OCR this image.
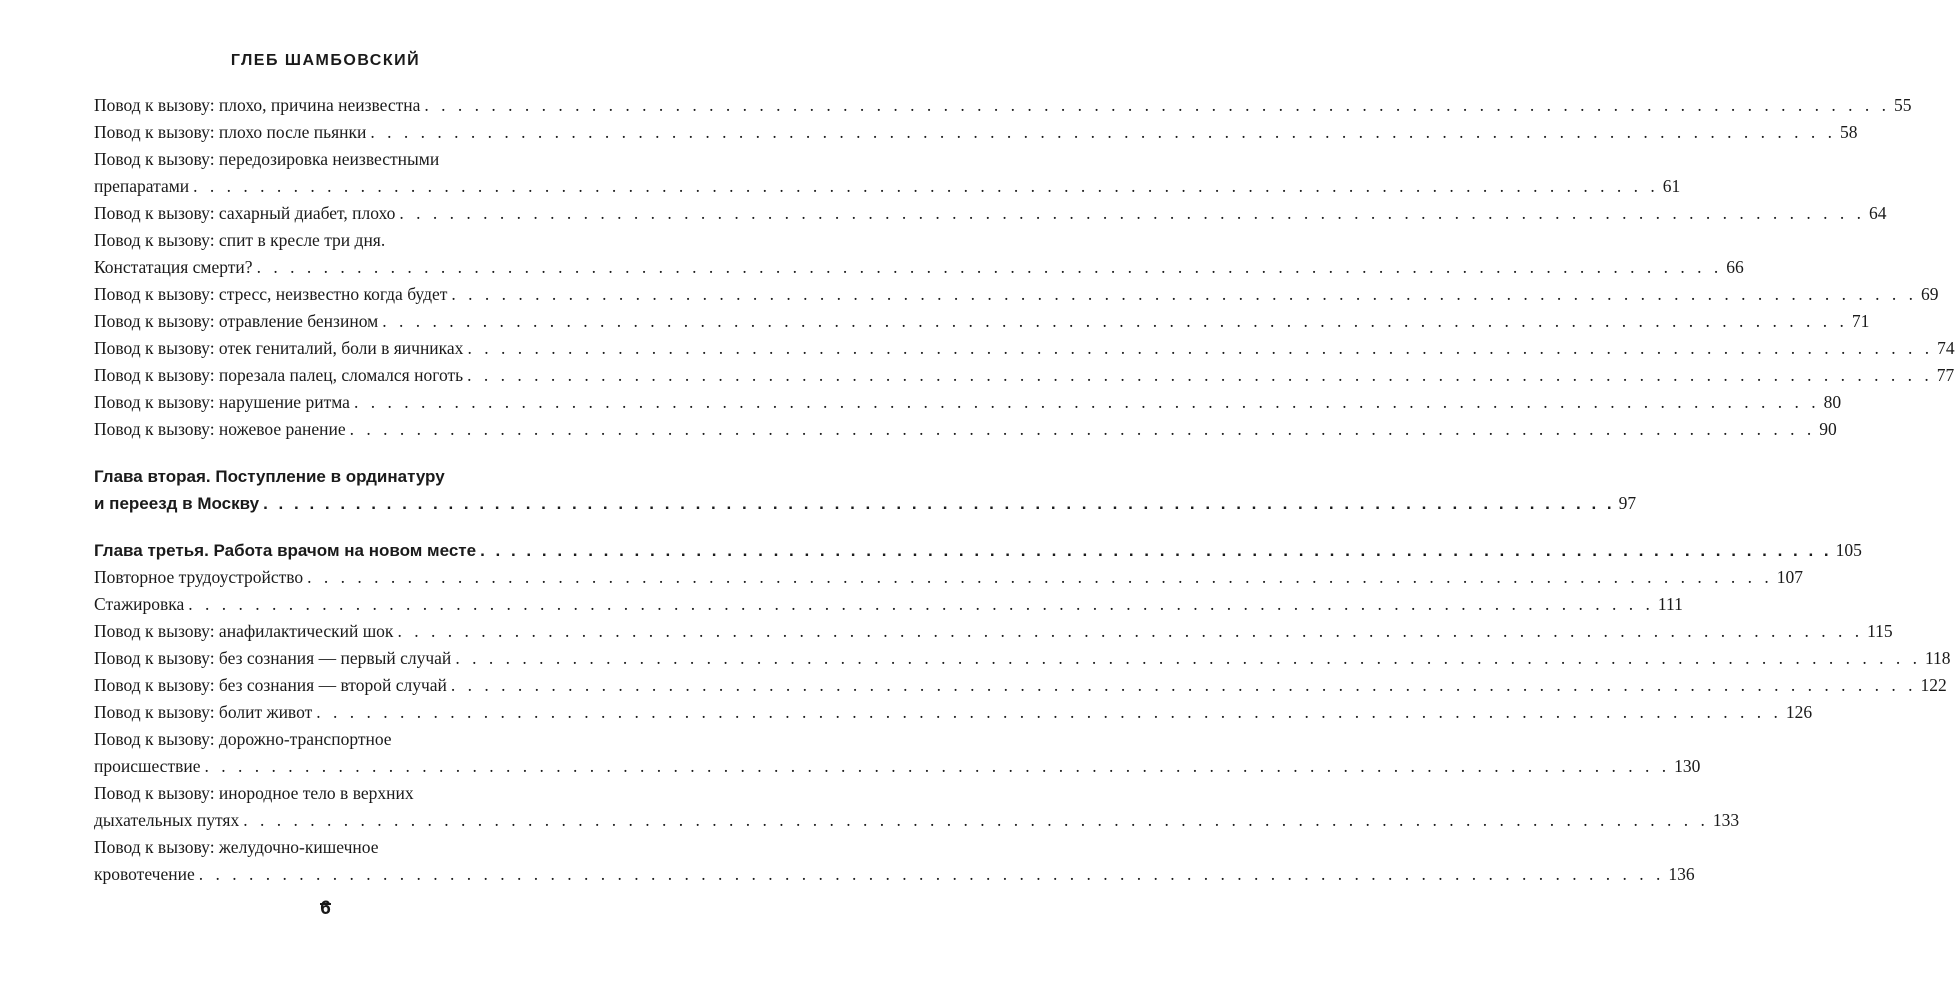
ГЛЕБ ШАМБОВСКИЙ
Повод к вызову: плохо, причина неизвестна . . .	55
Повод к вызову: плохо после пьянки . . .	58
Повод к вызову: передозировка неизвестными
препаратами . . .	61
Повод к вызову: сахарный диабет, плохо . . .	64
Повод к вызову: спит в кресле три дня.
Констатация смерти? . . .	66
Повод к вызову: стресс, неизвестно когда будет . . .	69
Повод к вызову: отравление бензином . . .	71
Повод к вызову: отек гениталий, боли в яичниках . . .	74
Повод к вызову: порезала палец, сломался ноготь . . .	77
Повод к вызову: нарушение ритма . . .	80
Повод к вызову: ножевое ранение . . .	90
Глава вторая. Поступление в ординатуру
и переезд в Москву . . .	97
Глава третья. Работа врачом на новом месте . . .	105
Повторное трудоустройство . . .	107
Стажировка . . .	111
Повод к вызову: анафилактический шок . . .	115
Повод к вызову: без сознания — первый случай . . .	118
Повод к вызову: без сознания — второй случай . . .	122
Повод к вызову: болит живот . . .	126
Повод к вызову: дорожно-транспортное
происшествие . . .	130
Повод к вызову: инородное тело в верхних
дыхательных путях . . .	133
Повод к вызову: желудочно-кишечное
кровотечение . . .	136
6
